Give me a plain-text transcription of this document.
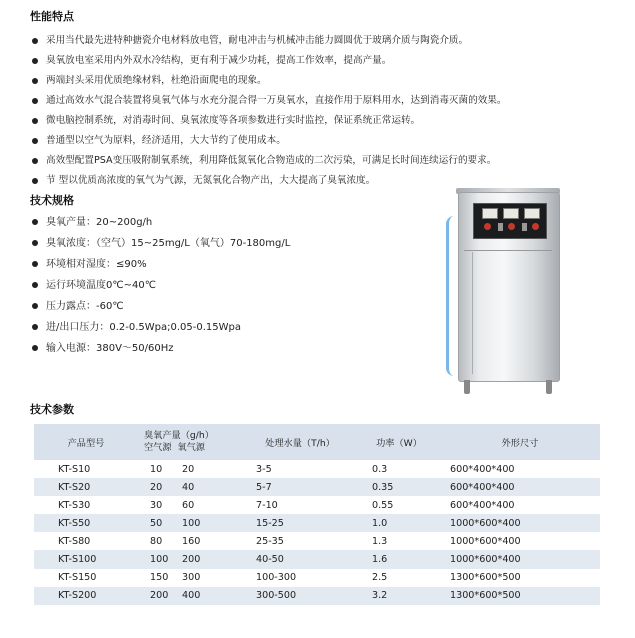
性能特点
采用当代最先进特种搪瓷介电材料放电管，耐电冲击与机械冲击能力圆圆优于玻璃介质与陶瓷介质。
臭氧放电室采用内外双水冷结构，更有利于减少功耗，提高工作效率，提高产量。
两端封头采用优质绝缘材料，杜绝沿面爬电的现象。
通过高效水气混合装置将臭氧气体与水充分混合得一万臭氧水，直接作用于原料用水，达到消毒灭菌的效果。
微电脑控制系统，对消毒时间、臭氧浓度等各项参数进行实时监控，保证系统正常运转。
普通型以空气为原料，经济适用，大大节约了使用成本。
高效型配置PSA变压吸附制氧系统，利用降低氮氧化合物造成的二次污染，可满足长时间连续运行的要求。
节 型以优质高浓度的氧气为气源，无氮氧化合物产出，大大提高了臭氧浓度。
技术规格
臭氧产量：20~200g/h
臭氧浓度：（空气）15~25mg/L（氧气）70-180mg/L
环境相对湿度：≤90%
运行环境温度0℃~40℃
压力露点：-60℃
进/出口压力：0.2-0.5Wpa;0.05-0.15Wpa
输入电源：380V～50/60Hz
技术参数
产品型号	臭氧产量（g/h）
空气源  氧气源	处理水量（T/h）	功率（W）	外形尺寸
KT-S10	10 20	3-5	0.3	600*400*400
KT-S20	20 40	5-7	0.35	600*400*400
KT-S30	30 60	7-10	0.55	600*400*400
KT-S50	50 100	15-25	1.0	1000*600*400
KT-S80	80 160	25-35	1.3	1000*600*400
KT-S100	100 200	40-50	1.6	1000*600*400
KT-S150	150 300	100-300	2.5	1300*600*500
KT-S200	200 400	300-500	3.2	1300*600*500
